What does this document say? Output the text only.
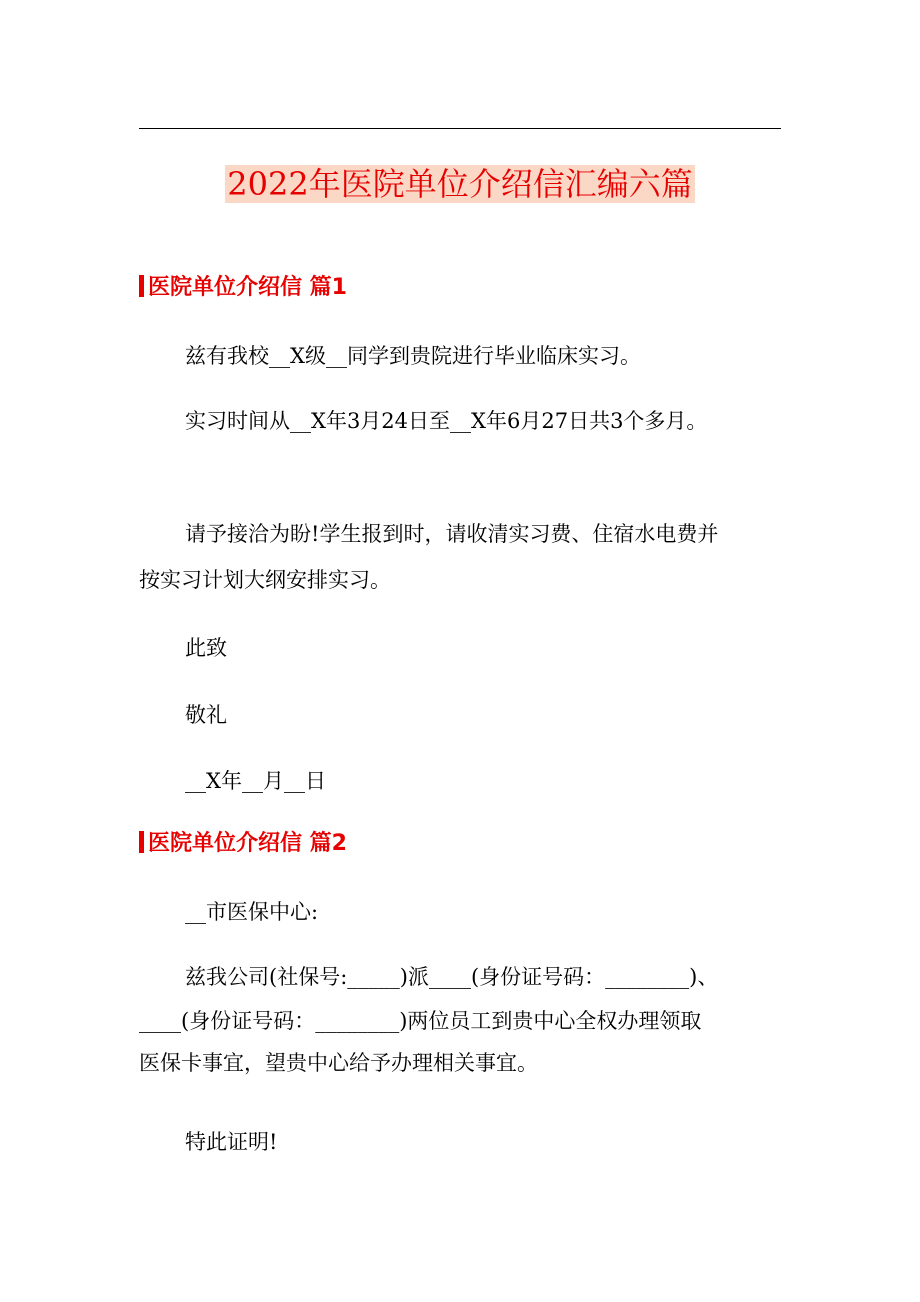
2022年医院单位介绍信汇编六篇
医院单位介绍信 篇1

兹有我校__X级__同学到贵院进行毕业临床实习。

实习时间从__X年3月24日至__X年6月27日共3个多月。

请予接洽为盼!学生报到时，请收清实习费、住宿水电费并
按实习计划大纲安排实习。

此致

敬礼

__X年__月__日

医院单位介绍信 篇2

__市医保中心:

兹我公司(社保号:_____)派____(身份证号码：________)、
____(身份证号码：________)两位员工到贵中心全权办理领取
医保卡事宜，望贵中心给予办理相关事宜。

特此证明!
